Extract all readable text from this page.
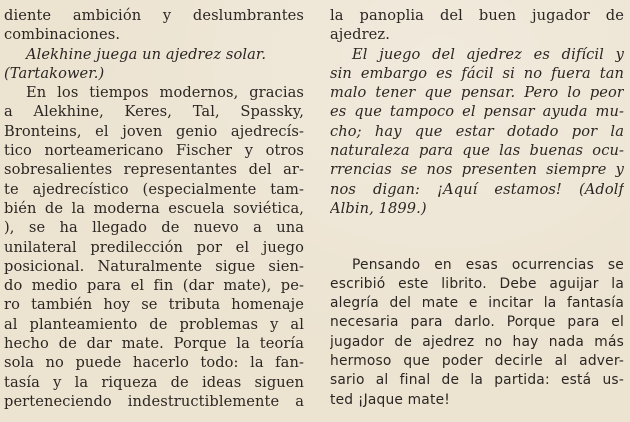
diente ambición y deslumbrantes
combinaciones.
Alekhine juega un ajedrez solar.
(Tartakower.)
En los tiempos modernos, gracias
a Alekhine, Keres, Tal, Spassky,
Bronteins, el joven genio ajedrecís-
tico norteamericano Fischer y otros
sobresalientes representantes del ar-
te ajedrecístico (especialmente tam-
bién de la moderna escuela soviética,
), se ha llegado de nuevo a una
unilateral predilección por el juego
posicional. Naturalmente sigue sien-
do medio para el fin (dar mate), pe-
ro también hoy se tributa homenaje
al planteamiento de problemas y al
hecho de dar mate. Porque la teoría
sola no puede hacerlo todo: la fan-
tasía y la riqueza de ideas siguen
perteneciendo indestructiblemente a
la panoplia del buen jugador de
ajedrez.
El juego del ajedrez es difícil y
sin embargo es fácil si no fuera tan
malo tener que pensar. Pero lo peor
es que tampoco el pensar ayuda mu-
cho; hay que estar dotado por la
naturaleza para que las buenas ocu-
rrencias se nos presenten siempre y
nos digan: ¡Aquí estamos! (Adolf
Albin, 1899.)
Pensando en esas ocurrencias se
escribió este librito. Debe aguijar la
alegría del mate e incitar la fantasía
necesaria para darlo. Porque para el
jugador de ajedrez no hay nada más
hermoso que poder decirle al adver-
sario al final de la partida: está us-
ted ¡Jaque mate!
